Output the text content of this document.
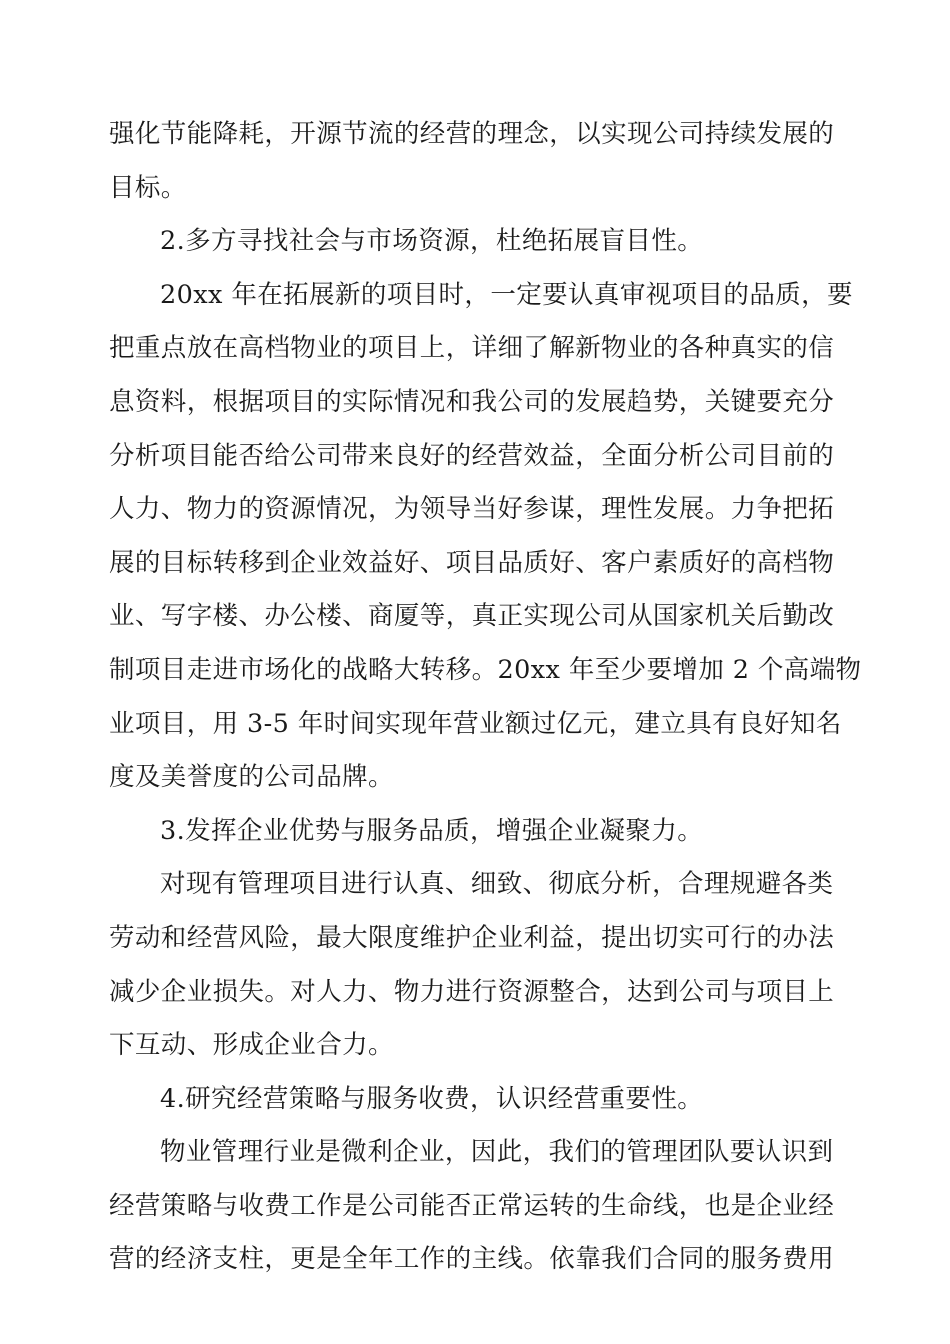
强化节能降耗，开源节流的经营的理念，以实现公司持续发展的
目标。
2.多方寻找社会与市场资源，杜绝拓展盲目性。
20xx 年在拓展新的项目时，一定要认真审视项目的品质，要
把重点放在高档物业的项目上，详细了解新物业的各种真实的信
息资料，根据项目的实际情况和我公司的发展趋势，关键要充分
分析项目能否给公司带来良好的经营效益，全面分析公司目前的
人力、物力的资源情况，为领导当好参谋，理性发展。力争把拓
展的目标转移到企业效益好、项目品质好、客户素质好的高档物
业、写字楼、办公楼、商厦等，真正实现公司从国家机关后勤改
制项目走进市场化的战略大转移。20xx 年至少要增加 2 个高端物
业项目，用 3-5 年时间实现年营业额过亿元，建立具有良好知名
度及美誉度的公司品牌。
3.发挥企业优势与服务品质，增强企业凝聚力。
对现有管理项目进行认真、细致、彻底分析，合理规避各类
劳动和经营风险，最大限度维护企业利益，提出切实可行的办法
减少企业损失。对人力、物力进行资源整合，达到公司与项目上
下互动、形成企业合力。
4.研究经营策略与服务收费，认识经营重要性。
物业管理行业是微利企业，因此，我们的管理团队要认识到
经营策略与收费工作是公司能否正常运转的生命线，也是企业经
营的经济支柱，更是全年工作的主线。依靠我们合同的服务费用
